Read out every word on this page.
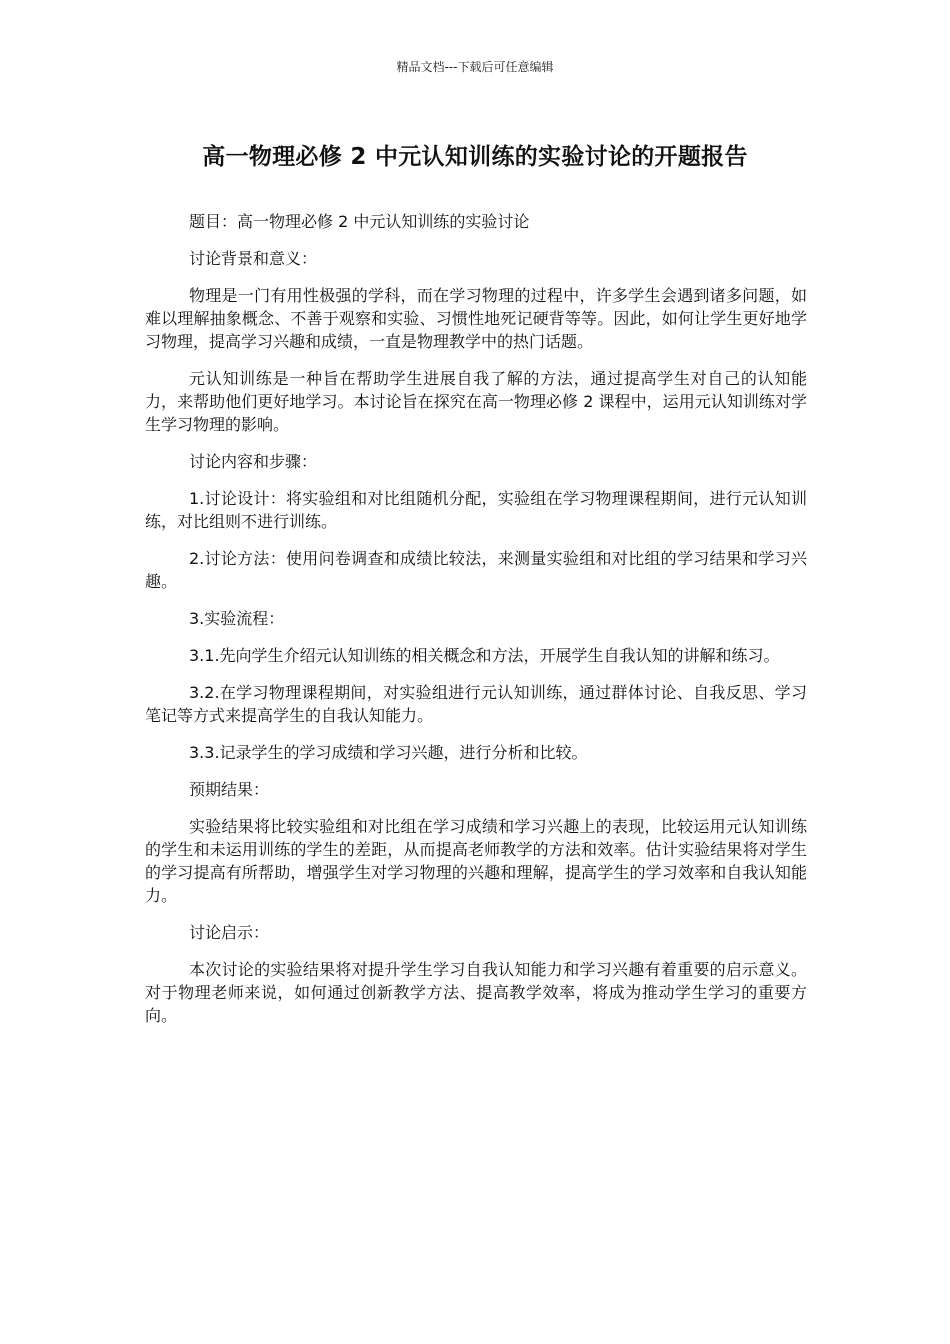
精品文档---下载后可任意编辑
高一物理必修 2 中元认知训练的实验讨论的开题报告

题目：高一物理必修 2 中元认知训练的实验讨论

讨论背景和意义：

物理是一门有用性极强的学科，而在学习物理的过程中，许多学生会遇到诸多问题，如难以理解抽象概念、不善于观察和实验、习惯性地死记硬背等等。因此，如何让学生更好地学习物理，提高学习兴趣和成绩，一直是物理教学中的热门话题。

元认知训练是一种旨在帮助学生进展自我了解的方法，通过提高学生对自己的认知能力，来帮助他们更好地学习。本讨论旨在探究在高一物理必修 2 课程中，运用元认知训练对学生学习物理的影响。

讨论内容和步骤：

1.讨论设计：将实验组和对比组随机分配，实验组在学习物理课程期间，进行元认知训练，对比组则不进行训练。

2.讨论方法：使用问卷调查和成绩比较法，来测量实验组和对比组的学习结果和学习兴趣。

3.实验流程：

3.1.先向学生介绍元认知训练的相关概念和方法，开展学生自我认知的讲解和练习。

3.2.在学习物理课程期间，对实验组进行元认知训练，通过群体讨论、自我反思、学习笔记等方式来提高学生的自我认知能力。

3.3.记录学生的学习成绩和学习兴趣，进行分析和比较。

预期结果：

实验结果将比较实验组和对比组在学习成绩和学习兴趣上的表现，比较运用元认知训练的学生和未运用训练的学生的差距，从而提高老师教学的方法和效率。估计实验结果将对学生的学习提高有所帮助，增强学生对学习物理的兴趣和理解，提高学生的学习效率和自我认知能力。

讨论启示：

本次讨论的实验结果将对提升学生学习自我认知能力和学习兴趣有着重要的启示意义。对于物理老师来说，如何通过创新教学方法、提高教学效率，将成为推动学生学习的重要方向。
